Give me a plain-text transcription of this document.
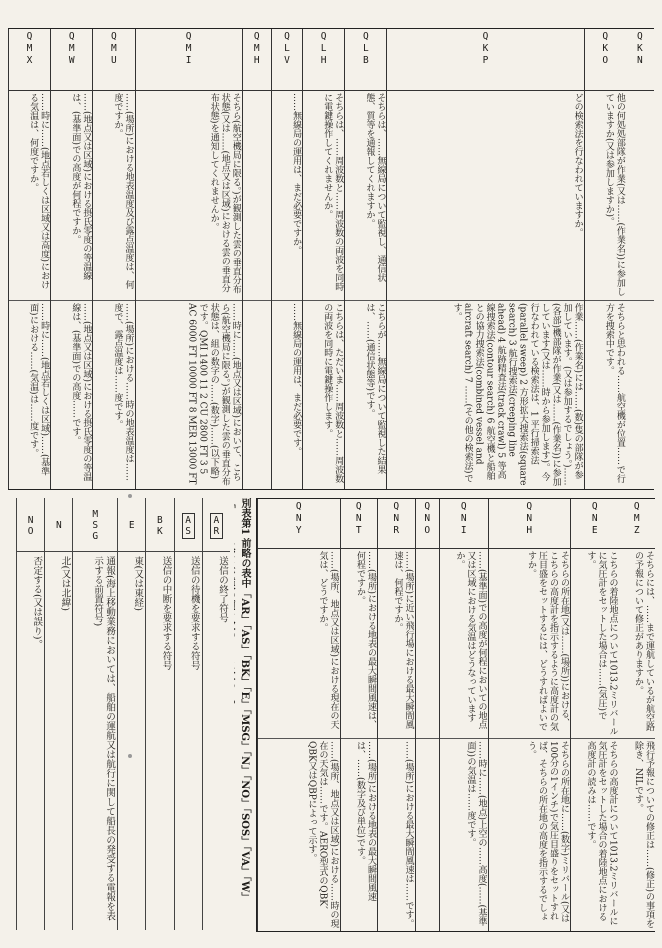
QKN
QKO
他の何処処部隊が作業(又は……(作業名))に参加していますか(又は参加しますか)。
そちらと思われる……航空機が位置……で行方を捜索中です。
QKP
どの検索法を行なわれていますか。
作業……(作業名)には……(数)隻の部隊が参加しています。(又は参加するでしょう。)……(各部)機部隊が作業(又は……(作業名))に参加しています(又は……時から参加します)。今行なわれている検索法は、1 平行掃索法(parallel sweep) 2 方形拡大捜索法(square search) 3 航行捜索法(creeping line ahead) 4 航跡精査法(track crawl) 5 等高線捜索法(contour search) 6 航空機と船舶との協力捜索法(combined vessel and aircraft search) 7 ……(その他の検索法)です。
QLB
そちらは、……無線局について監視し、通信状態、質等を通報してくれますか。
こちらが……無線局について監視した結果は、……(通信状態等)です。
QLH
そちらは、……周波数と……周波数の両波を同時に電鍵操作してくれませんか。
こちらは、ただいま……周波数と……周波数の両波を同時に電鍵操作します。
QLV
……無線局の運用は、まだ必要ですか。
……無線局の運用は、まだ必要です。
QMH
QMI
そちら(航空機局に限る。)が観測した雲の垂直分布状態(又は……(地点又は区域)における雲の垂直分布状態)を通知してくれませんか。
……時に……(地点又は区域)において、こちら(航空機局に限る。)が観測した雲の垂直分布状態は、組の数字の……(数字)……(以下略)です。QMI 1400 11 2 CU 2800 FT 3 5 AC 6000 FT 10000 FT 8 MER 13000 FT
QMU
……(場所)における地表温度及び露点温度は、何度ですか。
……(場所)における……時の地表温度は……度で、露点温度は……度です。
QMW
……(地点又は区域)における摂氏零度の等温線は、(基準面)での高度が何程ですか。
……(地点又は区域)における摂氏零度の等温線は、(基準面)での高度……です。
QMX
……時に……(地点若しくは区域又は高度)における気温は、何度ですか。
……時に……(地点若しくは区域)……(基準面)における……(気温)は……度です。
QMZ
そちらには、……まで運航しているが航空路の予報について修正がありますか。
飛行予報についての修正は……(修正)の事項を除き、NILです。
QNE
こちらの着陸地点について1013.2ミリバールに気圧計をセットした場合は……(気圧)です。
そちらの高度計について1013.2ミリバールに気圧計をセットした場合の着陸地点における高度計の読みは……です。
QNH
そちらの所在地(又は……(場所))における、こちらの高度計を指示するように高度計の気圧目盛をセットするには、どうすればよいですか。
そちらの所在地に……(数字)ミリバール(又は100分の1インチ)で気圧目盛りをセットすれば、そちらの所在地の高度を指示するでしょう。
QNI
……(基準面)での高度が何程においての地点又は区域における気温はどうなっていますか。
……時に……(地点)上空の……高度(……(基準面))の気温は……度です。
QNO
QNR
……(場所)に近い飛行場における最大瞬間風速は、何程ですか。
……(場所)における最大瞬間風速は……です。
QNT
……(場所)における地表の最大瞬間風速は、何程ですか。
……(場所)における地表の最大瞬間風速は、……(数字及び単位)です。
QNY
……(場所、地点又は区域)における現在の天気は、どうですか。
……(場所、地点又は区域)における……時の現在の天気は……です。AERO型式のQBK、QBK又はQBPによって示す。
別表第1 前略の表中「AR」「AS」「BK」「E」「MSG」「N」「NO」「SOS」「VA」「W」
AR
送信の終了符号
AS
送信の待機を要求する符号
BK
送信の中断を要求する符号
E
東(又は東経)
MSG
通報(海上移動業務においては、船舶の運航又は航行に関して船長の発受する電報を表示する前置符号)
N
北(又は北緯)
NO
否定する(又は誤り)。
